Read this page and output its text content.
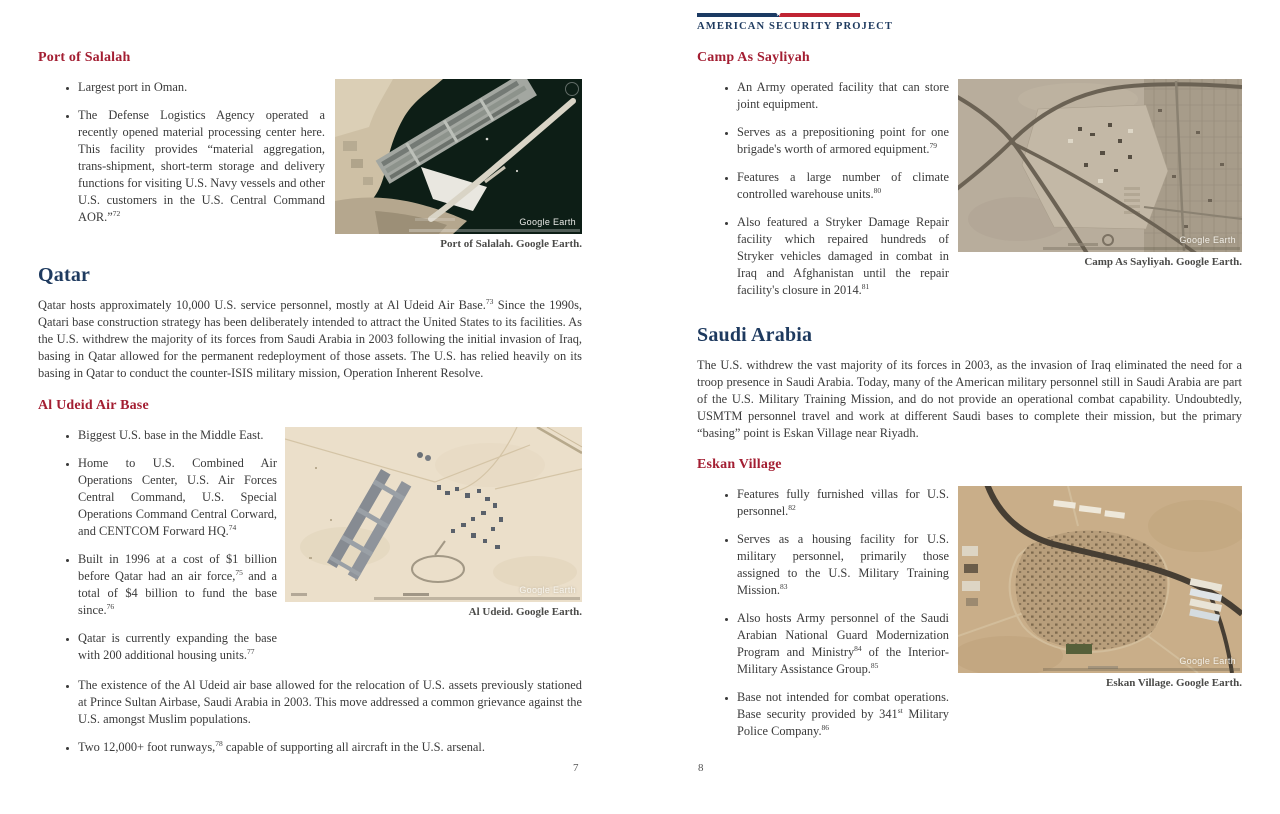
★
AMERICAN SECURITY PROJECT
Port of Salalah
• Largest port in Oman.
• The Defense Logistics Agency operated a recently opened material processing center here. This facility provides “material aggregation, trans-shipment, short-term storage and delivery functions for visiting U.S. Navy vessels and other U.S. customers in the U.S. Central Command AOR.”$^{72}$
Google Earth
Port of Salalah. Google Earth.
Qatar

Qatar hosts approximately 10,000 U.S. service personnel, mostly at Al Udeid Air Base.$^{73}$ Since the 1990s, Qatari base construction strategy has been deliberately intended to attract the United States to its facilities. As the U.S. withdrew the majority of its forces from Saudi Arabia in 2003 following the initial invasion of Iraq, basing in Qatar allowed for the permanent redeployment of those assets. The U.S. has relied heavily on its basing in Qatar to conduct the counter-ISIS military mission, Operation Inherent Resolve.

Al Udeid Air Base
• Biggest U.S. base in the Middle East.
• Home to U.S. Combined Air Operations Center, U.S. Air Forces Central Command, U.S. Special Operations Command Central Corward, and CENTCOM Forward HQ.$^{74}$
• Built in 1996 at a cost of $1 billion before Qatar had an air force,$^{75}$ and a total of $4 billion to fund the base since.$^{76}$
• Qatar is currently expanding the base with 200 additional housing units.$^{77}$
Google Earth
Al Udeid. Google Earth.
• The existence of the Al Udeid air base allowed for the relocation of U.S. assets previously stationed at Prince Sultan Airbase, Saudi Arabia in 2003. This move addressed a common grievance against the U.S. amongst Muslim populations.
• Two 12,000+ foot runways,$^{78}$ capable of supporting all aircraft in the U.S. arsenal.
Camp As Sayliyah
• An Army operated facility that can store joint equipment.
• Serves as a prepositioning point for one brigade's worth of armored equipment.$^{79}$
• Features a large number of climate controlled warehouse units.$^{80}$
• Also featured a Stryker Damage Repair facility which repaired hundreds of Stryker vehicles damaged in combat in Iraq and Afghanistan until the repair facility's closure in 2014.81
Google Earth
Camp As Sayliyah. Google Earth.
Saudi Arabia

The U.S. withdrew the vast majority of its forces in 2003, as the invasion of Iraq eliminated the need for a troop presence in Saudi Arabia. Today, many of the American military personnel still in Saudi Arabia are part of the U.S. Military Training Mission, and do not provide an operational combat capability. Undoubtedly, USMTM personnel travel and work at different Saudi bases to complete their mission, but the primary “basing” point is Eskan Village near Riyadh.

Eskan Village
• Features fully furnished villas for U.S. personnel.$^{82}$
• Serves as a housing facility for U.S. military personnel, primarily those assigned to the U.S. Military Training Mission.$^{83}$
• Also hosts Army personnel of the Saudi Arabian National Guard Modernization Program and Ministry$^{84}$ of the Interior-Military Assistance Group.$^{85}$
• Base not intended for combat operations. Base security provided by 341st Military Police Company.$^{86}$
Google Earth
Eskan Village. Google Earth.
7	8
